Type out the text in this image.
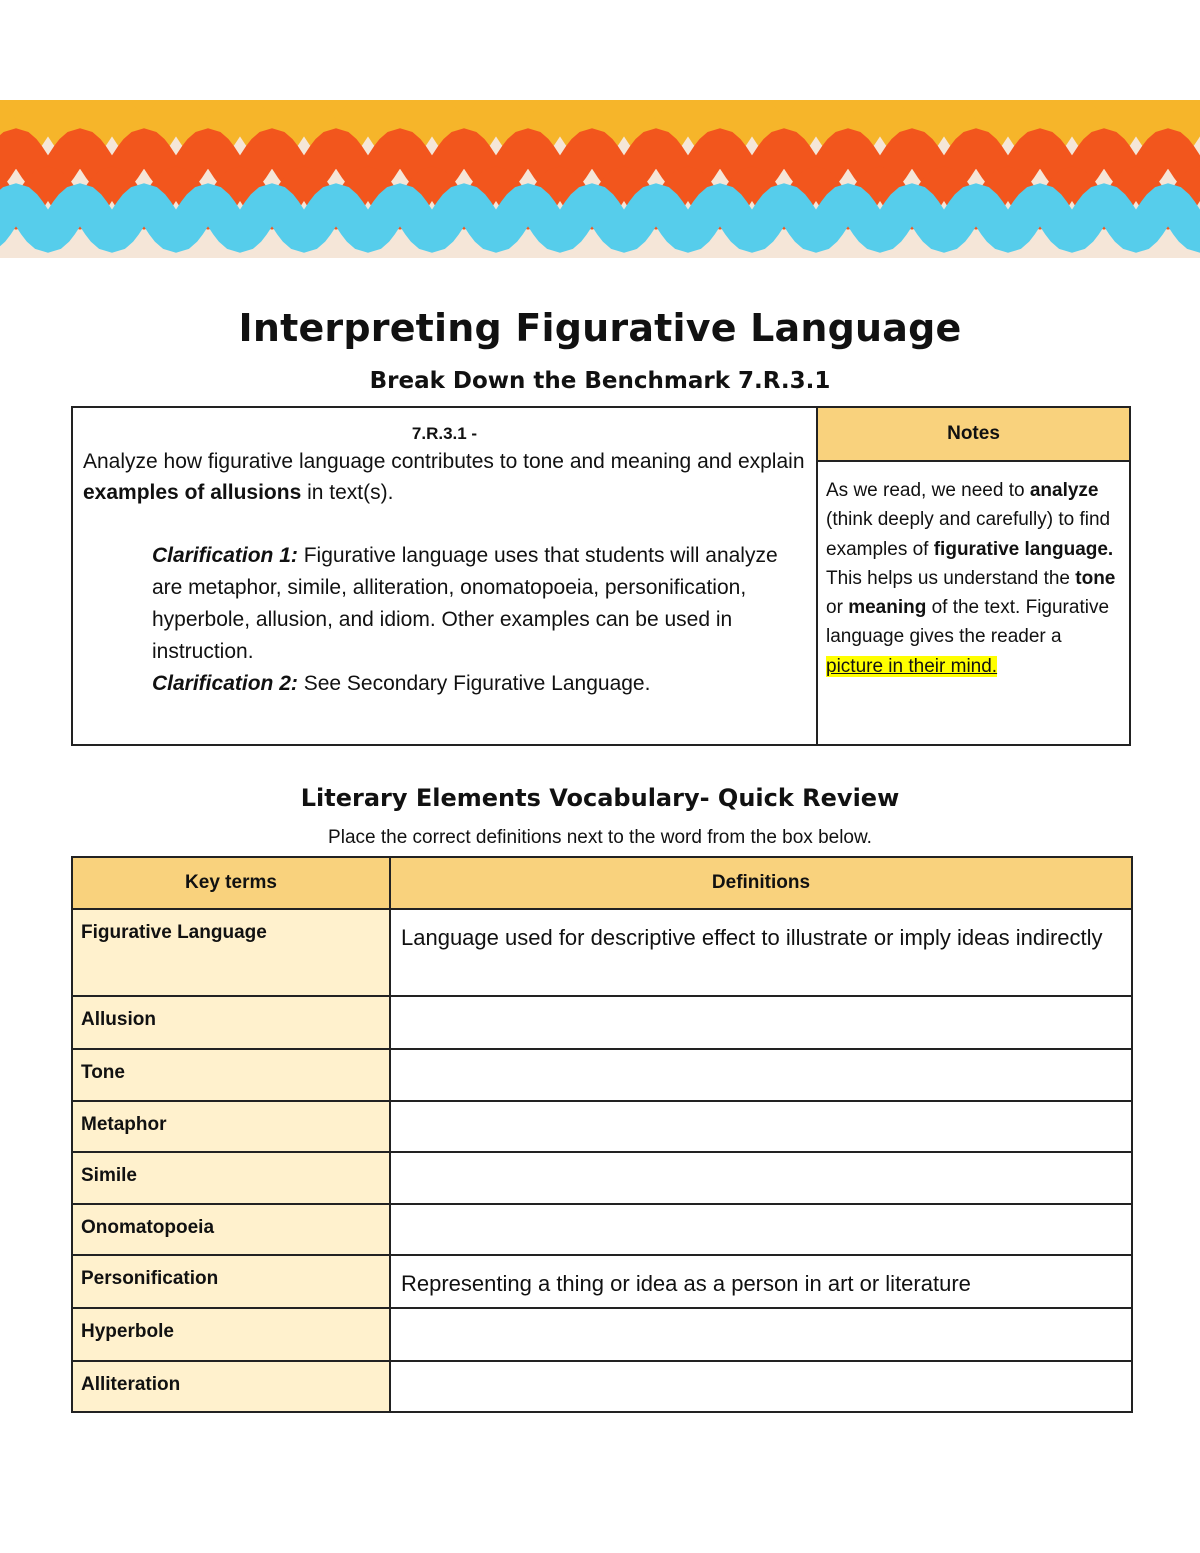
Interpreting Figurative Language
Break Down the Benchmark 7.R.3.1
7.R.3.1 -
Analyze how figurative language contributes to tone and meaning and explain examples of allusions in text(s).
Clarification 1: Figurative language uses that students will analyze are metaphor, simile, alliteration, onomatopoeia, personification, hyperbole, allusion, and idiom. Other examples can be used in instruction.
Clarification 2: See Secondary Figurative Language.
Notes
As we read, we need to analyze (think deeply and carefully) to find examples of figurative language. This helps us understand the tone or meaning of the text. Figurative language gives the reader a picture in their mind.
Literary Elements Vocabulary- Quick Review
Place the correct definitions next to the word from the box below.
Key terms	Definitions
Figurative Language	Language used for descriptive effect to illustrate or imply ideas indirectly
Allusion	
Tone	
Metaphor	
Simile	
Onomatopoeia	
Personification	Representing a thing or idea as a person in art or literature
Hyperbole	
Alliteration	
